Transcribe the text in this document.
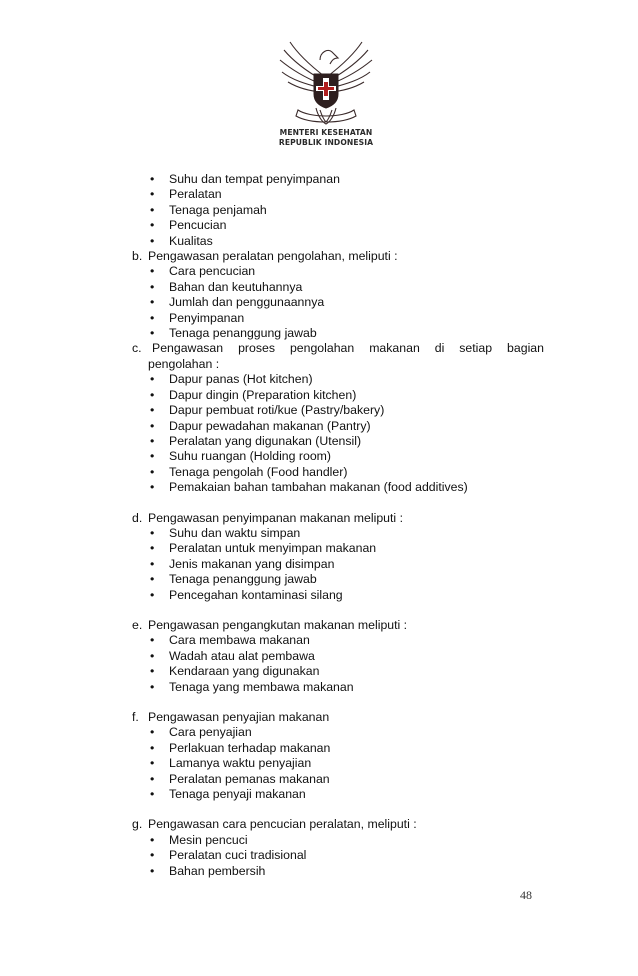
MENTERI KESEHATAN
REPUBLIK INDONESIA
• Suhu dan tempat penyimpanan
• Peralatan
• Tenaga penjamah
• Pencucian
• Kualitas
b. Pengawasan peralatan pengolahan, meliputi :
• Cara pencucian
• Bahan dan keutuhannya
• Jumlah dan penggunaannya
• Penyimpanan
• Tenaga penanggung jawab
c. Pengawasan proses pengolahan makanan di setiap bagian
pengolahan :
• Dapur panas (Hot kitchen)
• Dapur dingin (Preparation kitchen)
• Dapur pembuat roti/kue (Pastry/bakery)
• Dapur pewadahan makanan (Pantry)
• Peralatan yang digunakan (Utensil)
• Suhu ruangan (Holding room)
• Tenaga pengolah (Food handler)
• Pemakaian bahan tambahan makanan (food additives)
d. Pengawasan penyimpanan makanan meliputi :
• Suhu dan waktu simpan
• Peralatan untuk menyimpan makanan
• Jenis makanan yang disimpan
• Tenaga penanggung jawab
• Pencegahan kontaminasi silang
e. Pengawasan pengangkutan makanan meliputi :
• Cara membawa makanan
• Wadah atau alat pembawa
• Kendaraan yang digunakan
• Tenaga yang membawa makanan
f. Pengawasan penyajian makanan
• Cara penyajian
• Perlakuan terhadap makanan
• Lamanya waktu penyajian
• Peralatan pemanas makanan
• Tenaga penyaji makanan
g. Pengawasan cara pencucian peralatan, meliputi :
• Mesin pencuci
• Peralatan cuci tradisional
• Bahan pembersih
48
